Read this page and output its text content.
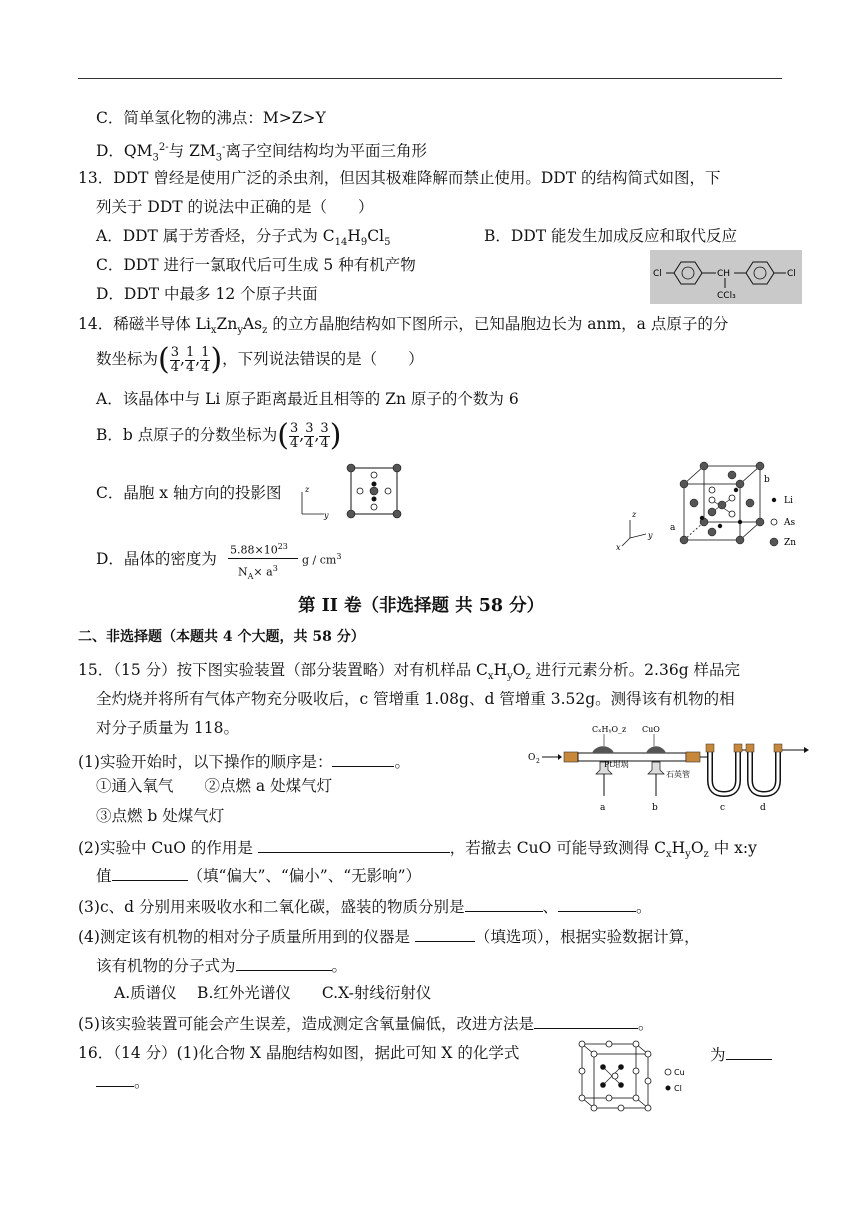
C．简单氢化物的沸点：M>Z>Y
D．$QM_3^{2-}$与 $ZM_3^-$离子空间结构均为平面三角形
13．DDT 曾经是使用广泛的杀虫剂，但因其极难降解而禁止使用。DDT 的结构简式如图，下
列关于 DDT 的说法中正确的是（　　）
A．DDT 属于芳香烃，分子式为 $C_{14}H_9Cl_5$	B．DDT 能发生加成反应和取代反应
C．DDT 进行一氯取代后可生成 5 种有机产物
D．DDT 中最多 12 个原子共面
Cl	CH	Cl
CCl₃
14．稀磁半导体 $Li_xZn_yAs_z$ 的立方晶胞结构如下图所示，已知晶胞边长为 anm，a 点原子的分
数坐标为( $\frac{3}{4}$ , $\frac{1}{4}$ , $\frac{1}{4}$ )，下列说法错误的是（　　）
A．该晶体中与 Li 原子距离最近且相等的 Zn 原子的个数为 6
B．b 点原子的分数坐标为( $\frac{3}{4}$ , $\frac{3}{4}$ , $\frac{3}{4}$ )
C．晶胞 x 轴方向的投影图	z
y
D．晶体的密度为 $5.88\times 10^{23}$
$N_A\times a^3$
g / $cm^3$
z
y
x
b
a
Li
As
Zn
第 II 卷（非选择题 共 58 分）
二、非选择题（本题共 4 个大题，共 58 分）
15．（15 分）按下图实验装置（部分装置略）对有机样品 $C_xH_yO_z$ 进行元素分析。2.36g 样品完
全灼烧并将所有气体产物充分吸收后，c 管增重 1.08g、d 管增重 3.52g。测得该有机物的相
对分子质量为 118。
(1)实验开始时，以下操作的顺序是：	。
①通入氧气　　②点燃 a 处煤气灯
③点燃 b 处煤气灯
O 2
CₓHᵧO_z CuO
Pt坩埚
石英管
a	b	c	d
(2)实验中 CuO 的作用是	，若撤去 CuO 可能导致测得 $C_xH_yO_z$ 中 x:y
值	（填“偏大”、“偏小”、“无影响”）
(3)c、d 分别用来吸收水和二氧化碳，盛装的物质分别是	、	。
(4)测定该有机物的相对分子质量所用到的仪器是	（填选项），根据实验数据计算，
该有机物的分子式为	。
A.质谱仪　 B.红外光谱仪　　C.X-射线衍射仪
(5)该实验装置可能会产生误差，造成测定含氧量偏低，改进方法是	。
16．（14 分）(1)化合物 X 晶胞结构如图，据此可知 X 的化学式	为
。
Cu
Cl
